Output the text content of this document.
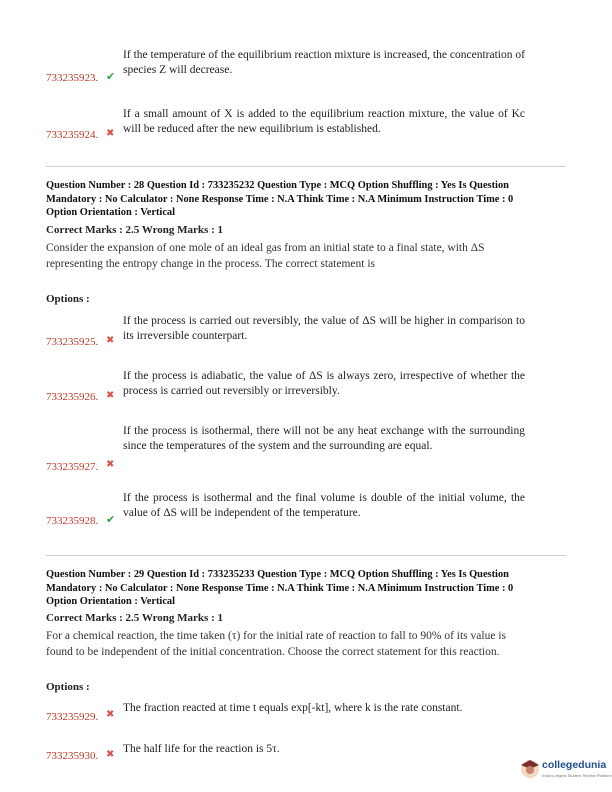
If the temperature of the equilibrium reaction mixture is increased, the concentration of species Z will decrease.
733235923. ✔
If a small amount of X is added to the equilibrium reaction mixture, the value of Kc will be reduced after the new equilibrium is established.
733235924. ✖
Question Number : 28 Question Id : 733235232 Question Type : MCQ Option Shuffling : Yes Is Question Mandatory : No Calculator : None Response Time : N.A Think Time : N.A Minimum Instruction Time : 0 Option Orientation : Vertical
Correct Marks : 2.5 Wrong Marks : 1
Consider the expansion of one mole of an ideal gas from an initial state to a final state, with ΔS representing the entropy change in the process. The correct statement is
Options :
If the process is carried out reversibly, the value of ΔS will be higher in comparison to its irreversible counterpart.
733235925. ✖
If the process is adiabatic, the value of ΔS is always zero, irrespective of whether the process is carried out reversibly or irreversibly.
733235926. ✖
If the process is isothermal, there will not be any heat exchange with the surrounding since the temperatures of the system and the surrounding are equal.
733235927. ✖
If the process is isothermal and the final volume is double of the initial volume, the value of ΔS will be independent of the temperature.
733235928. ✔
Question Number : 29 Question Id : 733235233 Question Type : MCQ Option Shuffling : Yes Is Question Mandatory : No Calculator : None Response Time : N.A Think Time : N.A Minimum Instruction Time : 0 Option Orientation : Vertical
Correct Marks : 2.5 Wrong Marks : 1
For a chemical reaction, the time taken (τ) for the initial rate of reaction to fall to 90% of its value is found to be independent of the initial concentration. Choose the correct statement for this reaction.
Options :
The fraction reacted at time t equals exp[-kt], where k is the rate constant.
733235929. ✖
The half life for the reaction is 5τ.
733235930. ✖
collegedunia
India's largest Student Review Platform
